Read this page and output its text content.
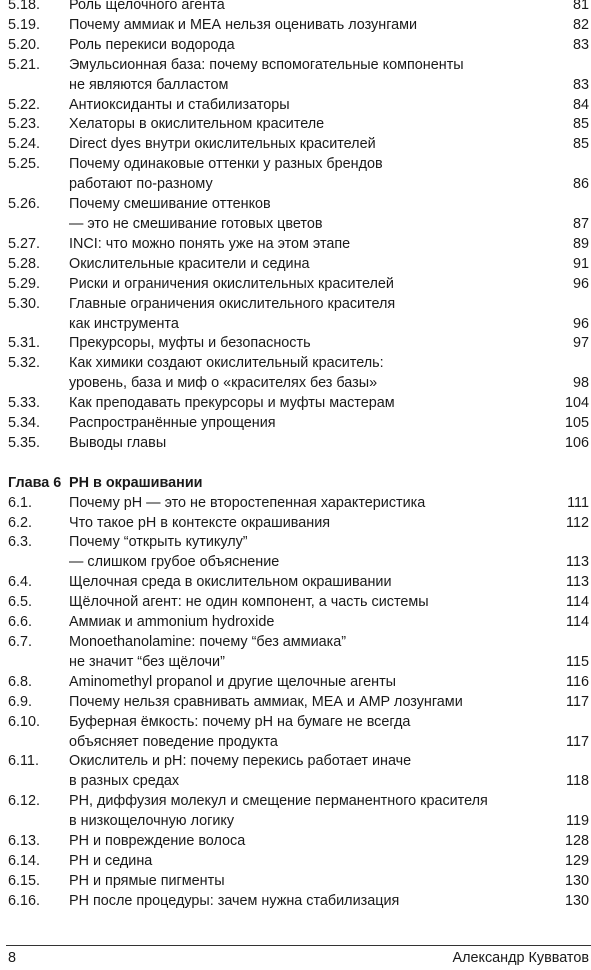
5.18. Роль щелочного агента	81
5.19. Почему аммиак и МЕА нельзя оценивать лозунгами	82
5.20. Роль перекиси водорода	83
5.21. Эмульсионная база: почему вспомогательные компоненты
не являются балластом	83
5.22. Антиоксиданты и стабилизаторы	84
5.23. Хелаторы в окислительном красителе	85
5.24. Direct dyes внутри окислительных красителей	85
5.25. Почему одинаковые оттенки у разных брендов
работают по-разному	86
5.26. Почему смешивание оттенков
— это не смешивание готовых цветов	87
5.27. INCI: что можно понять уже на этом этапе	89
5.28. Окислительные красители и седина	91
5.29. Риски и ограничения окислительных красителей	96
5.30. Главные ограничения окислительного красителя
как инструмента	96
5.31. Прекурсоры, муфты и безопасность	97
5.32. Как химики создают окислительный краситель:
уровень, база и миф о «красителях без базы»	98
5.33. Как преподавать прекурсоры и муфты мастерам	104
5.34. Распространённые упрощения	105
5.35. Выводы главы	106
Глава 6 PH в окрашивании
6.1.	Почему pH — это не второстепенная характеристика	111
6.2.	Что такое pH в контексте окрашивания	112
6.3.	Почему “открыть кутикулу”
— слишком грубое объяснение	113
6.4.	Щелочная среда в окислительном окрашивании	113
6.5.	Щёлочной агент: не один компонент, а часть системы	114
6.6.	Аммиак и ammonium hydroxide	114
6.7.	Monoethanolamine: почему “без аммиака”
не значит “без щёлочи”	115
6.8.	Aminomethyl propanol и другие щелочные агенты	116
6.9.	Почему нельзя сравнивать аммиак, МЕА и AMP лозунгами	117
6.10. Буферная ёмкость: почему pH на бумаге не всегда
объясняет поведение продукта	117
6.11. Окислитель и pH: почему перекись работает иначе
в разных средах	118
6.12. РН, диффузия молекул и смещение перманентного красителя
в низкощелочную логику	119
6.13. РН и повреждение волоса	128
6.14. РН и седина	129
6.15. РН и прямые пигменты	130
6.16. РН после процедуры: зачем нужна стабилизация	130
8	Александр Кувватов
